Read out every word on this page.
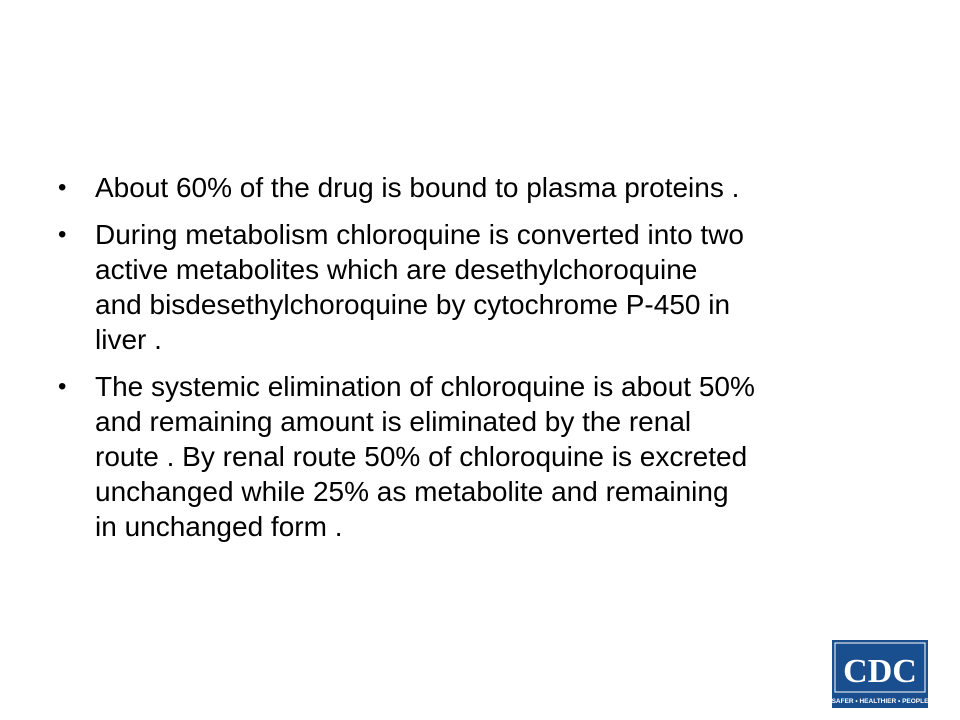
• About 60% of the drug is bound to plasma proteins .
• During metabolism chloroquine is converted into two
active metabolites which are desethylchoroquine
and bisdesethylchoroquine by cytochrome P-450 in
liver .
• The systemic elimination of chloroquine is about 50%
and remaining amount is eliminated by the renal
route . By renal route 50% of chloroquine is excreted
unchanged while 25% as metabolite and remaining
in unchanged form .
CDC
SAFER • HEALTHIER • PEOPLE
